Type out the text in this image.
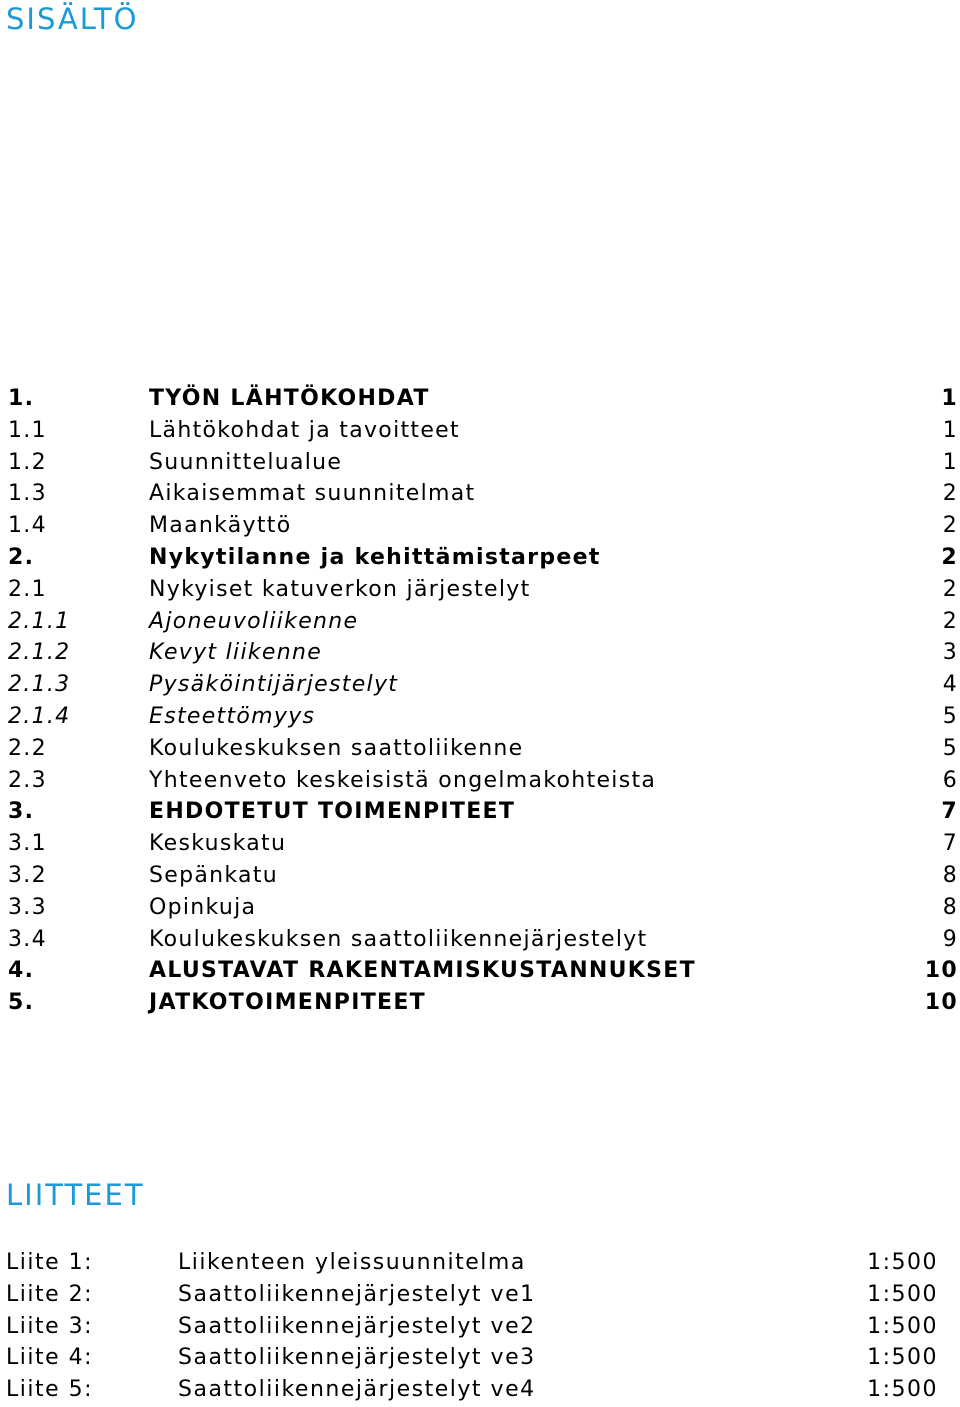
SISÄLTÖ
1.	TYÖN LÄHTÖKOHDAT	1
1.1	Lähtökohdat ja tavoitteet	1
1.2	Suunnittelualue	1
1.3	Aikaisemmat suunnitelmat	2
1.4	Maankäyttö	2
2.	Nykytilanne ja kehittämistarpeet	2
2.1	Nykyiset katuverkon järjestelyt	2
2.1.1	Ajoneuvoliikenne	2
2.1.2	Kevyt liikenne	3
2.1.3	Pysäköintijärjestelyt	4
2.1.4	Esteettömyys	5
2.2	Koulukeskuksen saattoliikenne	5
2.3	Yhteenveto keskeisistä ongelmakohteista	6
3.	EHDOTETUT TOIMENPITEET	7
3.1	Keskuskatu	7
3.2	Sepänkatu	8
3.3	Opinkuja	8
3.4	Koulukeskuksen saattoliikennejärjestelyt	9
4.	ALUSTAVAT RAKENTAMISKUSTANNUKSET	10
5.	JATKOTOIMENPITEET	10
LIITTEET
Liite 1:	Liikenteen yleissuunnitelma	1:500
Liite 2:	Saattoliikennejärjestelyt ve1	1:500
Liite 3:	Saattoliikennejärjestelyt ve2	1:500
Liite 4:	Saattoliikennejärjestelyt ve3	1:500
Liite 5:	Saattoliikennejärjestelyt ve4	1:500
